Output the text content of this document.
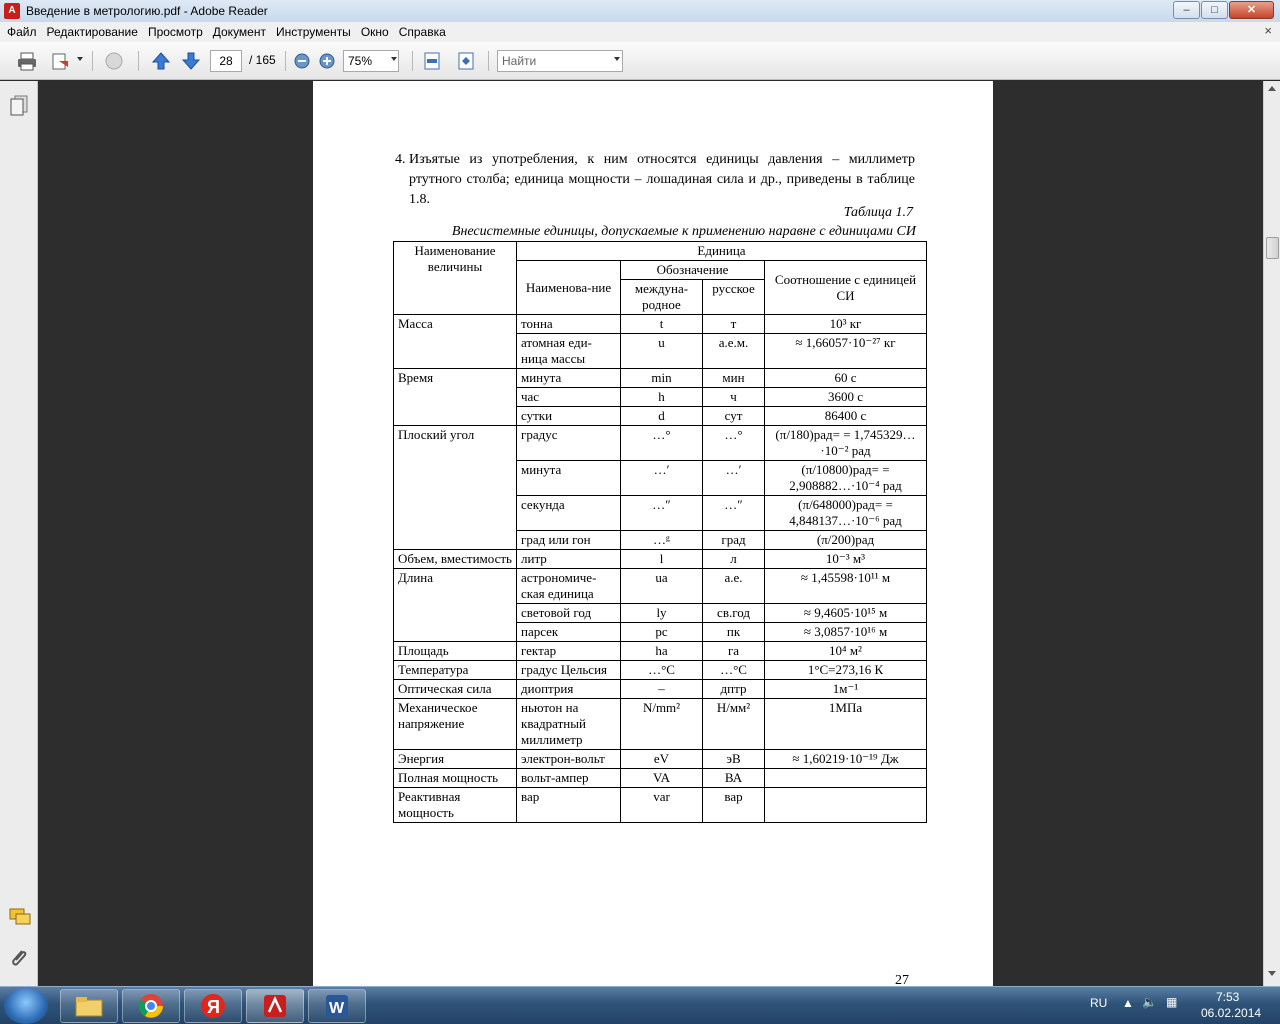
A Введение в метрологию.pdf - Adobe Reader	–	□	✕
Файл Редактирование Просмотр Документ Инструменты Окно Справка	×
28	/ 165	75%	Найти
4. Изъятые из употребления, к ним относятся единицы давления – миллиметр ртутного столба; единица мощности – лошадиная сила и др., приведены в таблице 1.8.
Таблица 1.7
Внесистемные единицы, допускаемые к применению наравне с единицами СИ
Наименование величины	Единица			
	Наименова-ние	Обозначение		Соотношение с единицей СИ
		междуна-родное	русское	
Масса	тонна	t	т	10³ кг
	атомная еди-ница массы	u	а.е.м.	≈ 1,66057·10⁻²⁷ кг
Время	минута	min	мин	60 с
	час	h	ч	3600 с
	сутки	d	сут	86400 с
Плоский угол	градус	…°	…°	(π/180)рад= = 1,745329…·10⁻² рад
	минута	…′	…′	(π/10800)рад= = 2,908882…·10⁻⁴ рад
	секунда	…″	…″	(π/648000)рад= = 4,848137…·10⁻⁶ рад
	град или гон	…ᵍ	град	(π/200)рад
Объем, вместимость	литр	l	л	10⁻³ м³
Длина	астрономиче-ская единица	ua	а.е.	≈ 1,45598·10¹¹ м
	световой год	ly	св.год	≈ 9,4605·10¹⁵ м
	парсек	pc	пк	≈ 3,0857·10¹⁶ м
Площадь	гектар	ha	га	10⁴ м²
Температура	градус Цельсия	…°С	…°С	1°С=273,16 К
Оптическая сила	диоптрия	–	дптр	1м⁻¹
Механическое напряжение	ньютон на квадратный миллиметр	N/mm²	Н/мм²	1МПа
Энергия	электрон-вольт	eV	эВ	≈ 1,60219·10⁻¹⁹ Дж
Полная мощность	вольт-ампер	VA	ВА	
Реактивная мощность	вар	var	вар	
27
Я	W	RU ▲ 🔈 ▦	7:53
06.02.2014
